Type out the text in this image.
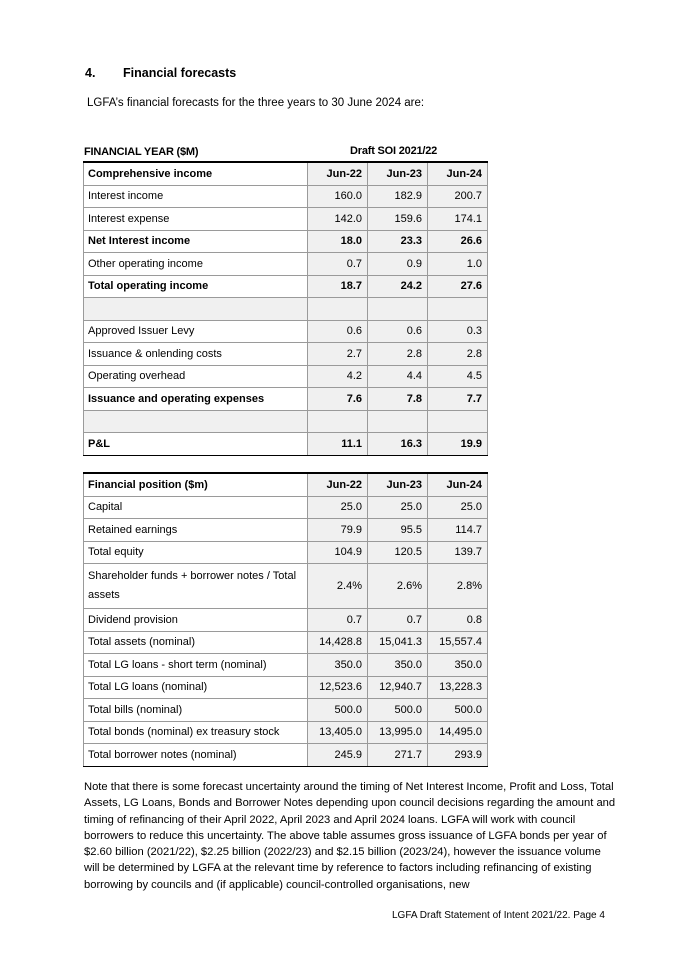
4. Financial forecasts
LGFA’s financial forecasts for the three years to 30 June 2024 are:
FINANCIAL YEAR ($M)	Draft SOI 2021/22
Comprehensive income	Jun-22	Jun-23	Jun-24
Interest income	160.0	182.9	200.7
Interest expense	142.0	159.6	174.1
Net Interest income	18.0	23.3	26.6
Other operating income	0.7	0.9	1.0
Total operating income	18.7	24.2	27.6

Approved Issuer Levy	0.6	0.6	0.3
Issuance & onlending costs	2.7	2.8	2.8
Operating overhead	4.2	4.4	4.5
Issuance and operating expenses	7.6	7.8	7.7

P&L	11.1	16.3	19.9
Financial position ($m)	Jun-22	Jun-23	Jun-24
Capital	25.0	25.0	25.0
Retained earnings	79.9	95.5	114.7
Total equity	104.9	120.5	139.7
Shareholder funds + borrower notes / Total assets	2.4%	2.6%	2.8%
Dividend provision	0.7	0.7	0.8
Total assets (nominal)	14,428.8	15,041.3	15,557.4
Total LG loans - short term (nominal)	350.0	350.0	350.0
Total LG loans (nominal)	12,523.6	12,940.7	13,228.3
Total bills (nominal)	500.0	500.0	500.0
Total bonds (nominal) ex treasury stock	13,405.0	13,995.0	14,495.0
Total borrower notes (nominal)	245.9	271.7	293.9
Note that there is some forecast uncertainty around the timing of Net Interest Income, Profit and Loss, Total Assets, LG Loans, Bonds and Borrower Notes depending upon council decisions regarding the amount and timing of refinancing of their April 2022, April 2023 and April 2024 loans. LGFA will work with council borrowers to reduce this uncertainty. The above table assumes gross issuance of LGFA bonds per year of $2.60 billion (2021/22), $2.25 billion (2022/23) and $2.15 billion (2023/24), however the issuance volume will be determined by LGFA at the relevant time by reference to factors including refinancing of existing borrowing by councils and (if applicable) council-controlled organisations, new
LGFA Draft Statement of Intent 2021/22. Page 4
